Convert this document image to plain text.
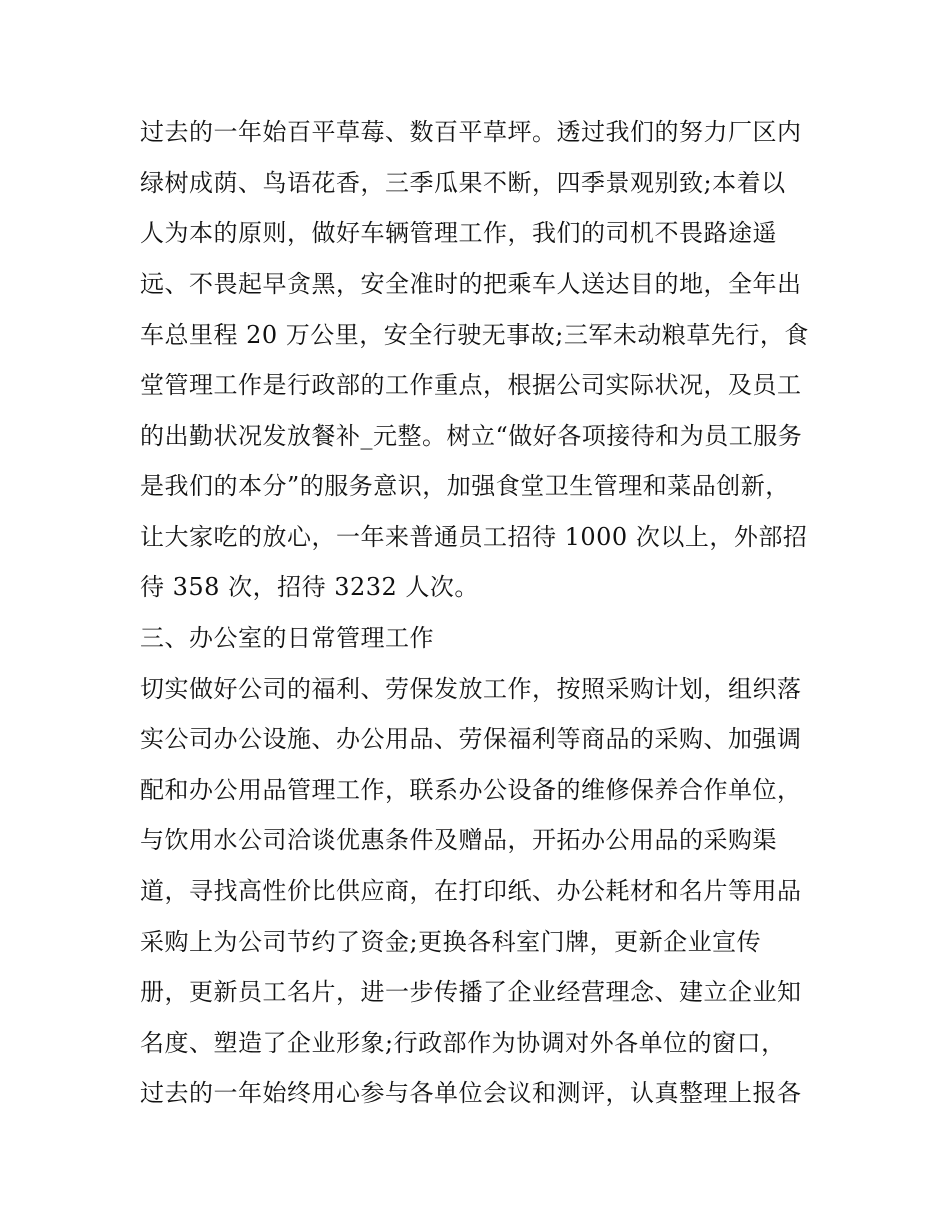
过去的一年始百平草莓、数百平草坪。透过我们的努力厂区内
绿树成荫、鸟语花香，三季瓜果不断，四季景观别致;本着以
人为本的原则，做好车辆管理工作，我们的司机不畏路途遥
远、不畏起早贪黑，安全准时的把乘车人送达目的地，全年出
车总里程 20 万公里，安全行驶无事故;三军未动粮草先行，食
堂管理工作是行政部的工作重点，根据公司实际状况，及员工
的出勤状况发放餐补_元整。树立“做好各项接待和为员工服务
是我们的本分”的服务意识，加强食堂卫生管理和菜品创新，
让大家吃的放心，一年来普通员工招待 1000 次以上，外部招
待 358 次，招待 3232 人次。
三、办公室的日常管理工作
切实做好公司的福利、劳保发放工作，按照采购计划，组织落
实公司办公设施、办公用品、劳保福利等商品的采购、加强调
配和办公用品管理工作，联系办公设备的维修保养合作单位，
与饮用水公司洽谈优惠条件及赠品，开拓办公用品的采购渠
道，寻找高性价比供应商，在打印纸、办公耗材和名片等用品
采购上为公司节约了资金;更换各科室门牌，更新企业宣传
册，更新员工名片，进一步传播了企业经营理念、建立企业知
名度、塑造了企业形象;行政部作为协调对外各单位的窗口，
过去的一年始终用心参与各单位会议和测评，认真整理上报各
